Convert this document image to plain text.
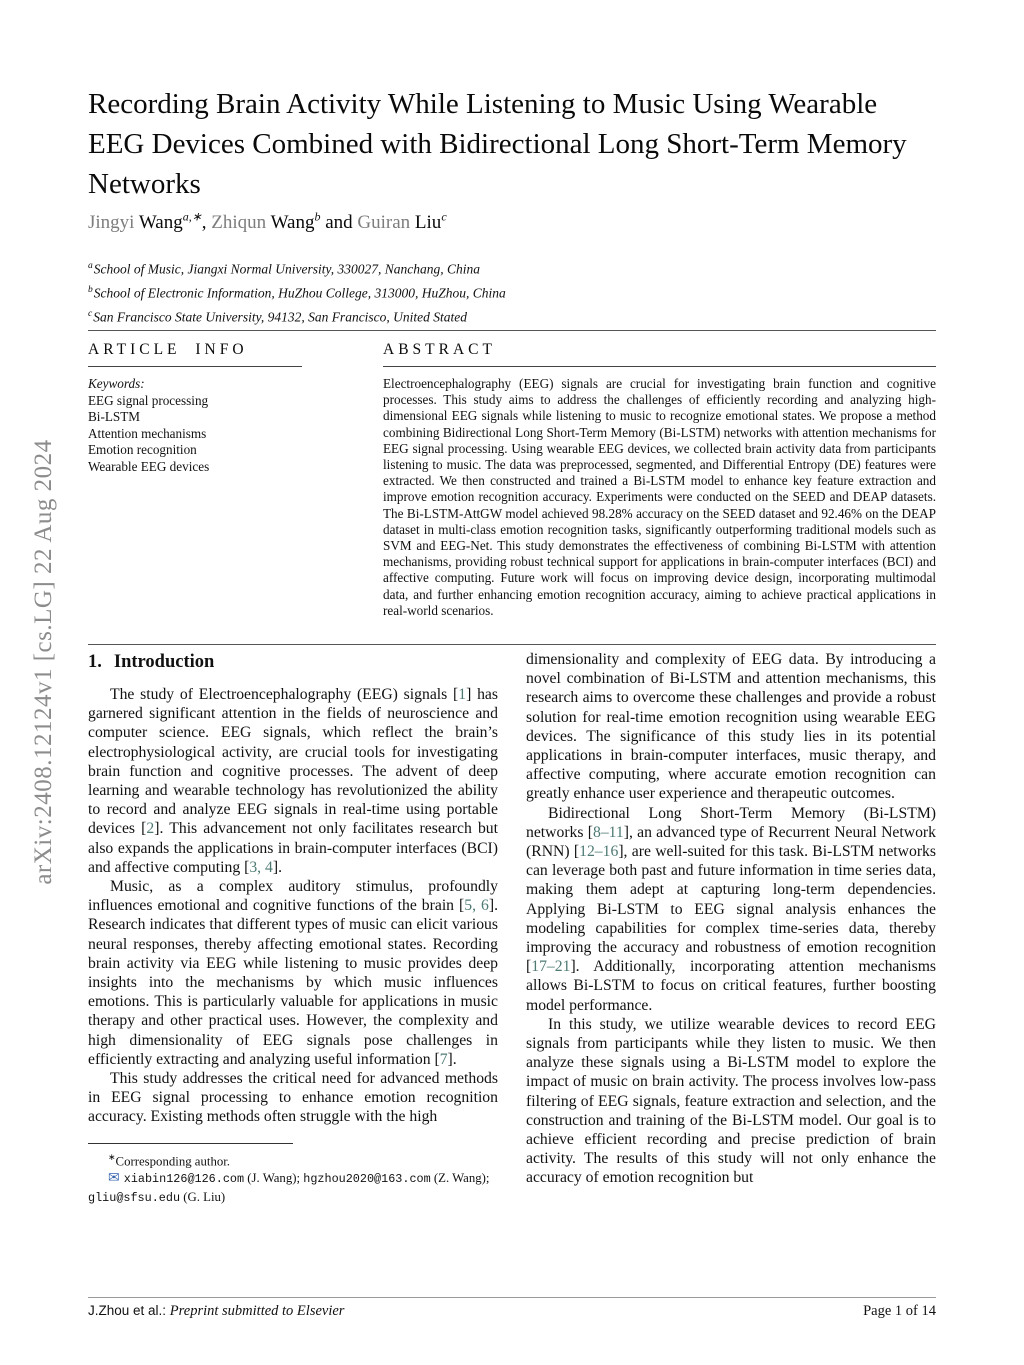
arXiv:2408.12124v1 [cs.LG] 22 Aug 2024
Recording Brain Activity While Listening to Music Using Wearable EEG Devices Combined with Bidirectional Long Short-Term Memory Networks
Jingyi Wang$^{a,∗}$, Zhiqun Wang$^b$ and Guiran Liu$^c$
$^a$School of Music, Jiangxi Normal University, 330027, Nanchang, China
$^b$School of Electronic Information, HuZhou College, 313000, HuZhou, China
$^c$San Francisco State University, 94132, San Francisco, United Stated
ARTICLE INFO
Keywords:
EEG signal processing
Bi-LSTM
Attention mechanisms
Emotion recognition
Wearable EEG devices
ABSTRACT
Electroencephalography (EEG) signals are crucial for investigating brain function and cognitive processes. This study aims to address the challenges of efficiently recording and analyzing high-dimensional EEG signals while listening to music to recognize emotional states. We propose a method combining Bidirectional Long Short-Term Memory (Bi-LSTM) networks with attention mechanisms for EEG signal processing. Using wearable EEG devices, we collected brain activity data from participants listening to music. The data was preprocessed, segmented, and Differential Entropy (DE) features were extracted. We then constructed and trained a Bi-LSTM model to enhance key feature extraction and improve emotion recognition accuracy. Experiments were conducted on the SEED and DEAP datasets. The Bi-LSTM-AttGW model achieved 98.28% accuracy on the SEED dataset and 92.46% on the DEAP dataset in multi-class emotion recognition tasks, significantly outperforming traditional models such as SVM and EEG-Net. This study demonstrates the effectiveness of combining Bi-LSTM with attention mechanisms, providing robust technical support for applications in brain-computer interfaces (BCI) and affective computing. Future work will focus on improving device design, incorporating multimodal data, and further enhancing emotion recognition accuracy, aiming to achieve practical applications in real-world scenarios.
1. Introduction

The study of Electroencephalography (EEG) signals [1] has garnered significant attention in the fields of neuroscience and computer science. EEG signals, which reflect the brain’s electrophysiological activity, are crucial tools for investigating brain function and cognitive processes. The advent of deep learning and wearable technology has revolutionized the ability to record and analyze EEG signals in real-time using portable devices [2]. This advancement not only facilitates research but also expands the applications in brain-computer interfaces (BCI) and affective computing [3, 4].

Music, as a complex auditory stimulus, profoundly influences emotional and cognitive functions of the brain [5, 6]. Research indicates that different types of music can elicit various neural responses, thereby affecting emotional states. Recording brain activity via EEG while listening to music provides deep insights into the mechanisms by which music influences emotions. This is particularly valuable for applications in music therapy and other practical uses. However, the complexity and high dimensionality of EEG signals pose challenges in efficiently extracting and analyzing useful information [7].

This study addresses the critical need for advanced methods in EEG signal processing to enhance emotion recognition accuracy. Existing methods often struggle with the high

∗Corresponding author.

✉ xiabin126@126.com (J. Wang); hgzhou2020@163.com (Z. Wang); gliu@sfsu.edu (G. Liu)

dimensionality and complexity of EEG data. By introducing a novel combination of Bi-LSTM and attention mechanisms, this research aims to overcome these challenges and provide a robust solution for real-time emotion recognition using wearable EEG devices. The significance of this study lies in its potential applications in brain-computer interfaces, music therapy, and affective computing, where accurate emotion recognition can greatly enhance user experience and therapeutic outcomes.

Bidirectional Long Short-Term Memory (Bi-LSTM) networks [8–11], an advanced type of Recurrent Neural Network (RNN) [12–16], are well-suited for this task. Bi-LSTM networks can leverage both past and future information in time series data, making them adept at capturing long-term dependencies. Applying Bi-LSTM to EEG signal analysis enhances the modeling capabilities for complex time-series data, thereby improving the accuracy and robustness of emotion recognition [17–21]. Additionally, incorporating attention mechanisms allows Bi-LSTM to focus on critical features, further boosting model performance.

In this study, we utilize wearable devices to record EEG signals from participants while they listen to music. We then analyze these signals using a Bi-LSTM model to explore the impact of music on brain activity. The process involves low-pass filtering of EEG signals, feature extraction and selection, and the construction and training of the Bi-LSTM model. Our goal is to achieve efficient recording and precise prediction of brain activity. The results of this study will not only enhance the accuracy of emotion recognition but

J.Zhou et al.: Preprint submitted to Elsevier	Page 1 of 14
